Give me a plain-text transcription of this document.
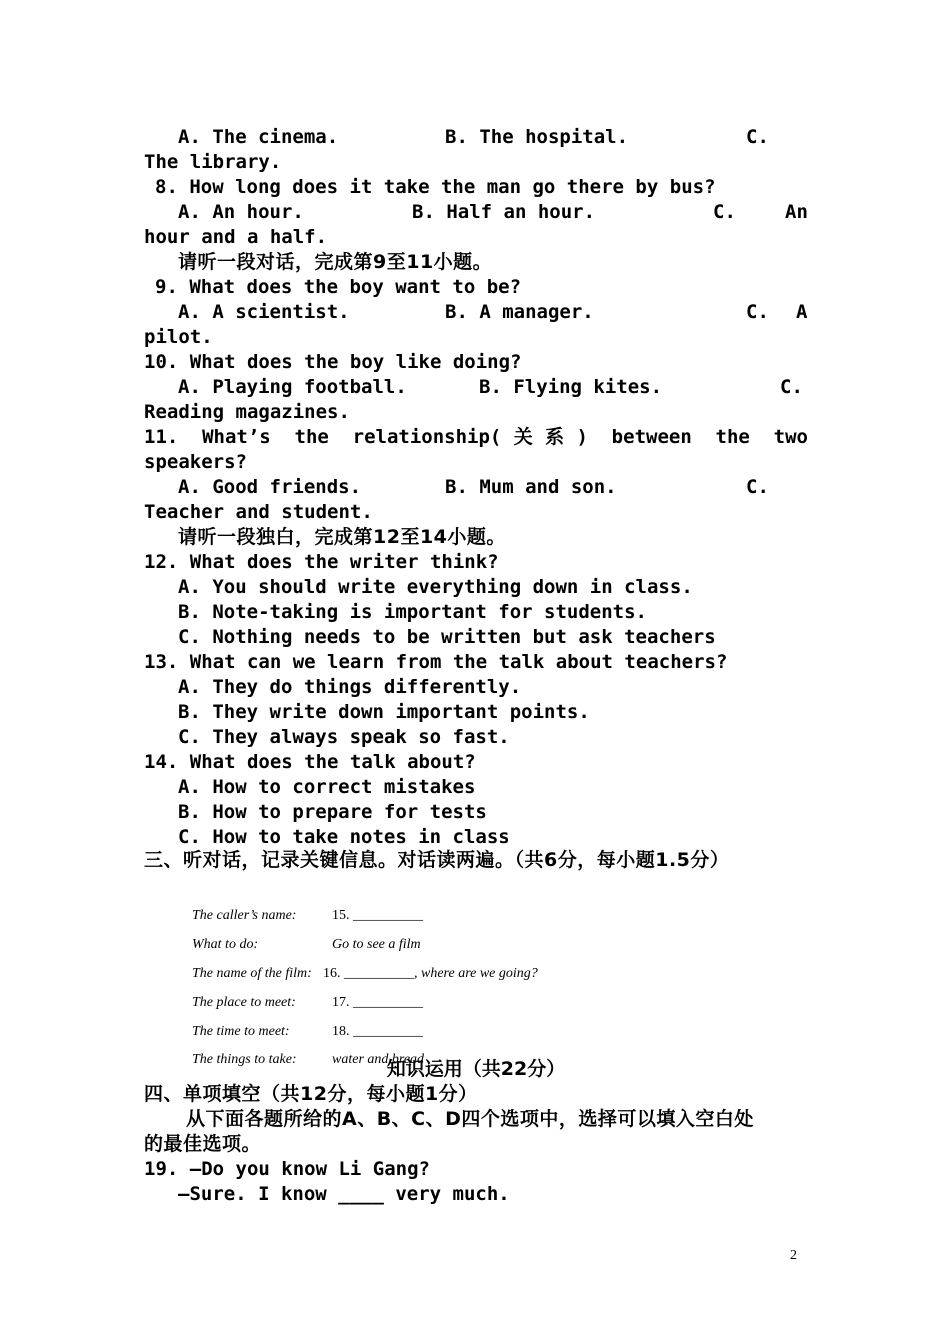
A. The cinema.	B. The hospital.	C.
The library.
8. How long does it take the man go there by bus?
A. An hour.	B. Half an hour.	C.	An
hour and a half.
请听一段对话，完成第9至11小题。
9. What does the boy want to be?
A. A scientist.	B. A manager.	C.	A
pilot.
10. What does the boy like doing?
A. Playing football.	B. Flying kites.	C.
Reading magazines.
11. What’s the relationship(关系) between the two
speakers?
A. Good friends.	B. Mum and son.	C.
Teacher and student.
请听一段独白，完成第12至14小题。
12. What does the writer think?
A. You should write everything down in class.
B. Note-taking is important for students.
C. Nothing needs to be written but ask teachers
13. What can we learn from the talk about teachers?
A. They do things differently.
B. They write down important points.
C. They always speak so fast.
14. What does the talk about?
A. How to correct mistakes
B. How to prepare for tests
C. How to take notes in class
三、听对话，记录关键信息。对话读两遍。（共6分，每小题1.5分）

The caller’s name:	15. __________

What to do:	Go to see a film

The name of the film: 16. __________, where are we going?

The place to meet:	17. __________

The time to meet:	18. __________

The things to take:	water and bread

知识运用（共22分）
四、单项填空（共12分，每小题1分）
从下面各题所给的A、B、C、D四个选项中，选择可以填入空白处
的最佳选项。
19. —Do you know Li Gang?
—Sure. I know ____ very much.
2
